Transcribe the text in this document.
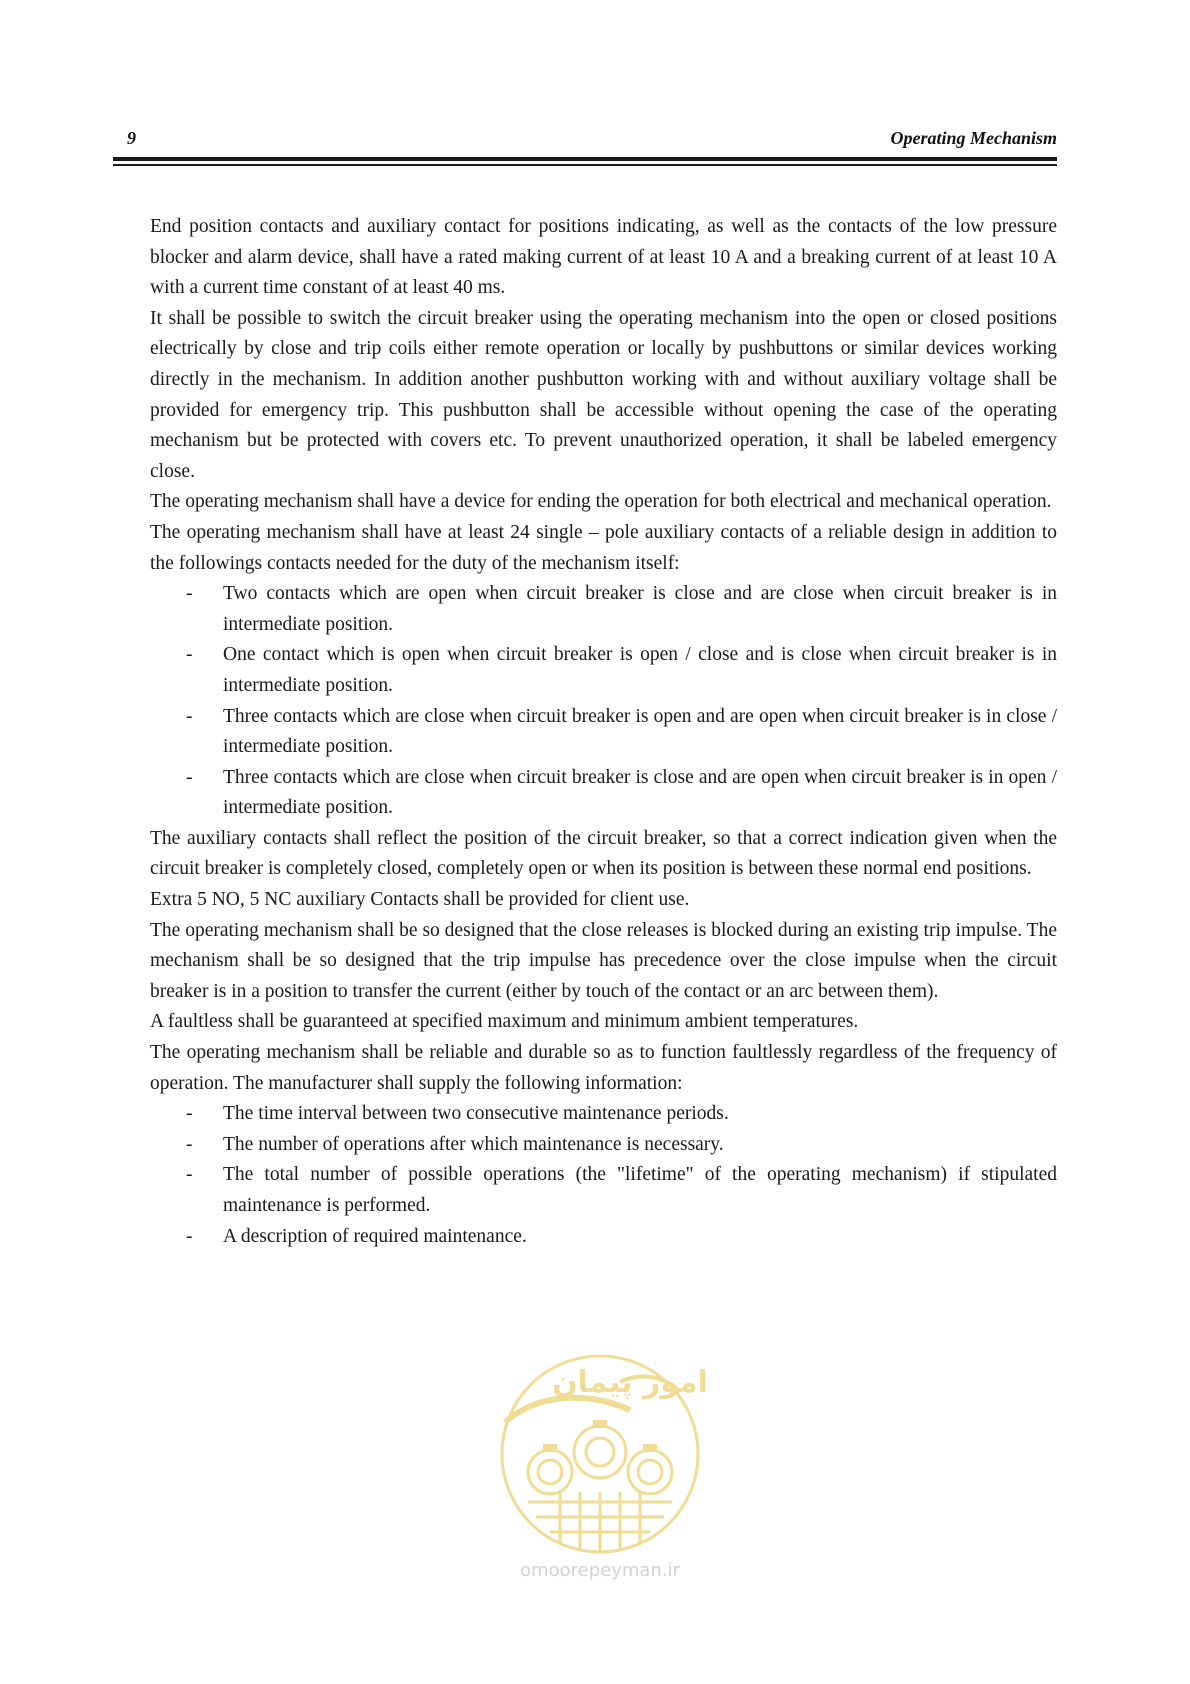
9	Operating Mechanism

End position contacts and auxiliary contact for positions indicating, as well as the contacts of the low pressure blocker and alarm device, shall have a rated making current of at least 10 A and a breaking current of at least 10 A with a current time constant of at least 40 ms.

It shall be possible to switch the circuit breaker using the operating mechanism into the open or closed positions electrically by close and trip coils either remote operation or locally by pushbuttons or similar devices working directly in the mechanism. In addition another pushbutton working with and without auxiliary voltage shall be provided for emergency trip. This pushbutton shall be accessible without opening the case of the operating mechanism but be protected with covers etc. To prevent unauthorized operation, it shall be labeled emergency close.

The operating mechanism shall have a device for ending the operation for both electrical and mechanical operation.

The operating mechanism shall have at least 24 single – pole auxiliary contacts of a reliable design in addition to the followings contacts needed for the duty of the mechanism itself:

- Two contacts which are open when circuit breaker is close and are close when circuit breaker is in intermediate position.
- One contact which is open when circuit breaker is open / close and is close when circuit breaker is in intermediate position.
- Three contacts which are close when circuit breaker is open and are open when circuit breaker is in close / intermediate position.
- Three contacts which are close when circuit breaker is close and are open when circuit breaker is in open / intermediate position.

The auxiliary contacts shall reflect the position of the circuit breaker, so that a correct indication given when the circuit breaker is completely closed, completely open or when its position is between these normal end positions.

Extra 5 NO, 5 NC auxiliary Contacts shall be provided for client use.

The operating mechanism shall be so designed that the close releases is blocked during an existing trip impulse. The mechanism shall be so designed that the trip impulse has precedence over the close impulse when the circuit breaker is in a position to transfer the current (either by touch of the contact or an arc between them).

A faultless shall be guaranteed at specified maximum and minimum ambient temperatures.

The operating mechanism shall be reliable and durable so as to function faultlessly regardless of the frequency of operation. The manufacturer shall supply the following information:

- The time interval between two consecutive maintenance periods.
- The number of operations after which maintenance is necessary.
- The total number of possible operations (the "lifetime" of the operating mechanism) if stipulated maintenance is performed.
- A description of required maintenance.
امور پیمان
omoorepeyman.ir
